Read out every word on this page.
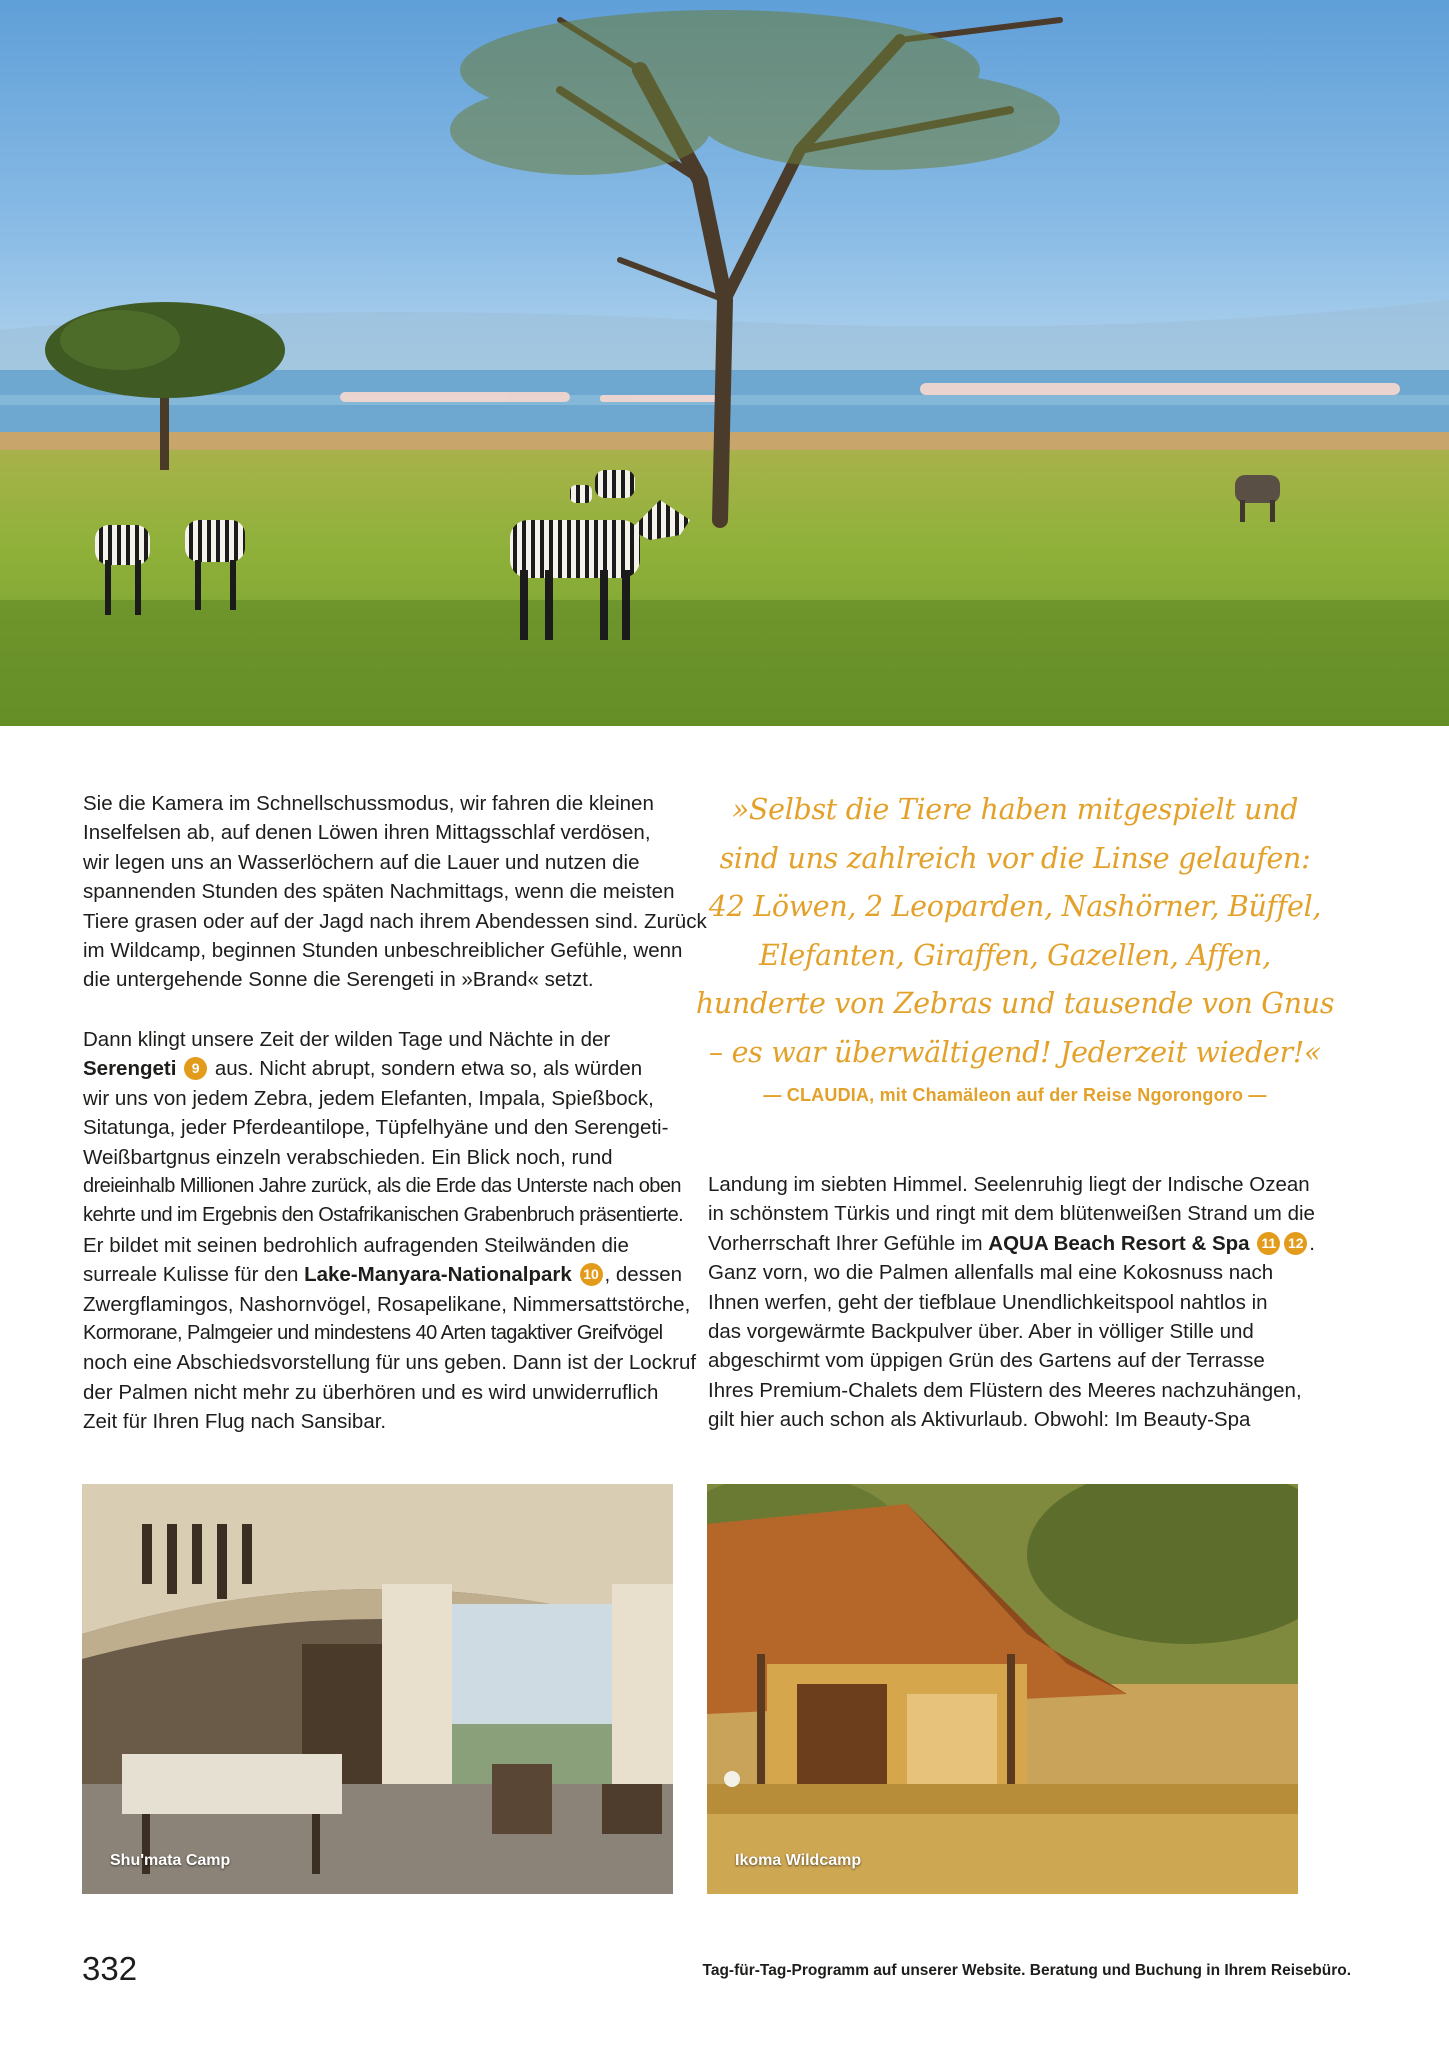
Sie die Kamera im Schnellschussmodus, wir fahren die kleinen
Inselfelsen ab, auf denen Löwen ihren Mittagsschlaf verdösen,
wir legen uns an Wasserlöchern auf die Lauer und nutzen die
spannenden Stunden des späten Nachmittags, wenn die meisten
Tiere grasen oder auf der Jagd nach ihrem Abendessen sind. Zurück
im Wildcamp, beginnen Stunden unbeschreiblicher Gefühle, wenn
die untergehende Sonne die Serengeti in »Brand« setzt.

Dann klingt unsere Zeit der wilden Tage und Nächte in der
Serengeti 9 aus. Nicht abrupt, sondern etwa so, als würden
wir uns von jedem Zebra, jedem Elefanten, Impala, Spießbock,
Sitatunga, jeder Pferdeantilope, Tüpfelhyäne und den Serengeti-
Weißbartgnus einzeln verabschieden. Ein Blick noch, rund
dreieinhalb Millionen Jahre zurück, als die Erde das Unterste nach oben
kehrte und im Ergebnis den Ostafrikanischen Grabenbruch präsentierte.
Er bildet mit seinen bedrohlich aufragenden Steilwänden die
surreale Kulisse für den Lake-Manyara-Nationalpark 10 , dessen
Zwergflamingos, Nashornvögel, Rosapelikane, Nimmersattstörche,
Kormorane, Palmgeier und mindestens 40 Arten tagaktiver Greifvögel
noch eine Abschiedsvorstellung für uns geben. Dann ist der Lockruf
der Palmen nicht mehr zu überhören und es wird unwiderruflich
Zeit für Ihren Flug nach Sansibar.

»Selbst die Tiere haben mitgespielt und
sind uns zahlreich vor die Linse gelaufen:
42 Löwen, 2 Leoparden, Nashörner, Büffel,
Elefanten, Giraffen, Gazellen, Affen,
hunderte von Zebras und tausende von Gnus
– es war überwältigend! Jederzeit wieder!«
— CLAUDIA, mit Chamäleon auf der Reise Ngorongoro —

Landung im siebten Himmel. Seelenruhig liegt der Indische Ozean
in schönstem Türkis und ringt mit dem blütenweißen Strand um die
Vorherrschaft Ihrer Gefühle im AQUA Beach Resort & Spa 11 12 .
Ganz vorn, wo die Palmen allenfalls mal eine Kokosnuss nach
Ihnen werfen, geht der tiefblaue Unendlichkeitspool nahtlos in
das vorgewärmte Backpulver über. Aber in völliger Stille und
abgeschirmt vom üppigen Grün des Gartens auf der Terrasse
Ihres Premium-Chalets dem Flüstern des Meeres nachzuhängen,
gilt hier auch schon als Aktivurlaub. Obwohl: Im Beauty-Spa

Shu'mata Camp	Ikoma Wildcamp
332	Tag-für-Tag-Programm auf unserer Website. Beratung und Buchung in Ihrem Reisebüro.
